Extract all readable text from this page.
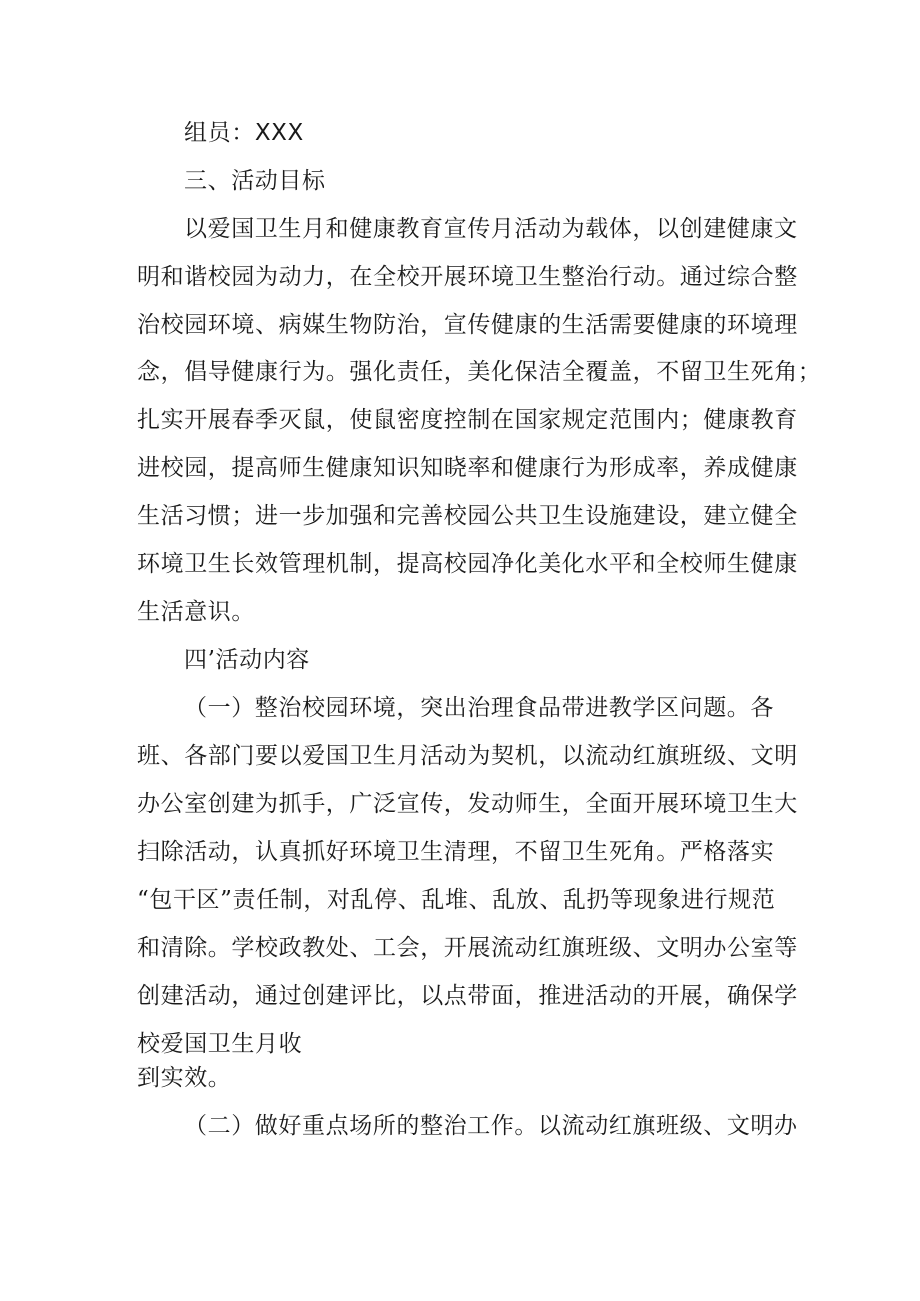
组员：XXX
三、活动目标
以爱国卫生月和健康教育宣传月活动为载体，以创建健康文
明和谐校园为动力，在全校开展环境卫生整治行动。通过综合整
治校园环境、病媒生物防治，宣传健康的生活需要健康的环境理
念，倡导健康行为。强化责任，美化保洁全覆盖，不留卫生死角；
扎实开展春季灭鼠，使鼠密度控制在国家规定范围内；健康教育
进校园，提高师生健康知识知晓率和健康行为形成率，养成健康
生活习惯；进一步加强和完善校园公共卫生设施建设，建立健全
环境卫生长效管理机制，提高校园净化美化水平和全校师生健康
生活意识。
四’活动内容
（一）整治校园环境，突出治理食品带进教学区问题。各
班、各部门要以爱国卫生月活动为契机，以流动红旗班级、文明
办公室创建为抓手，广泛宣传，发动师生，全面开展环境卫生大
扫除活动，认真抓好环境卫生清理，不留卫生死角。严格落实
“包干区”责任制，对乱停、乱堆、乱放、乱扔等现象进行规范
和清除。学校政教处、工会，开展流动红旗班级、文明办公室等
创建活动，通过创建评比，以点带面，推进活动的开展，确保学
校爱国卫生月收
到实效。
（二）做好重点场所的整治工作。以流动红旗班级、文明办
